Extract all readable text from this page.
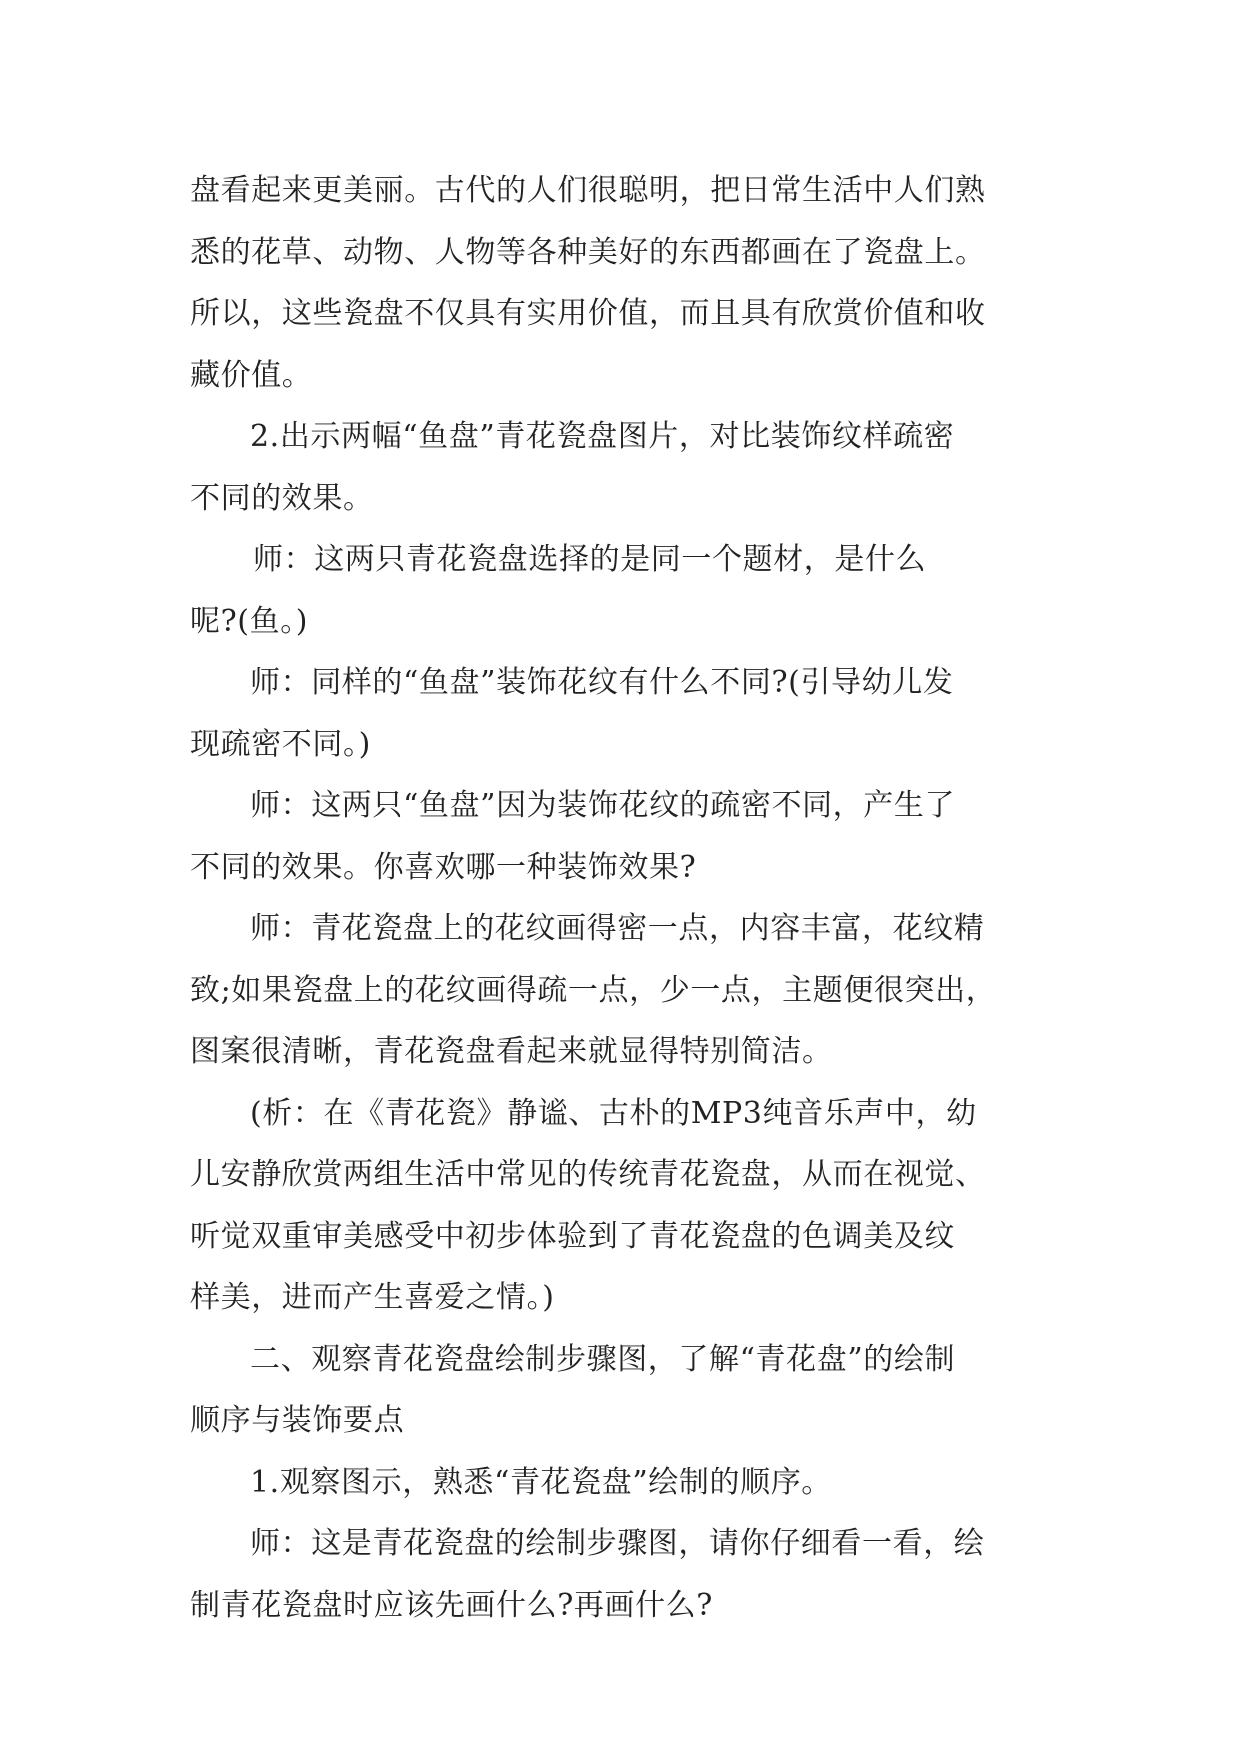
盘看起来更美丽。古代的人们很聪明，把日常生活中人们熟
悉的花草、动物、人物等各种美好的东西都画在了瓷盘上。
所以，这些瓷盘不仅具有实用价值，而且具有欣赏价值和收
藏价值。
2.出示两幅“鱼盘”青花瓷盘图片，对比装饰纹样疏密
不同的效果。
师：这两只青花瓷盘选择的是同一个题材，是什么
呢?(鱼。)
师：同样的“鱼盘”装饰花纹有什么不同?(引导幼儿发
现疏密不同。)
师：这两只“鱼盘”因为装饰花纹的疏密不同，产生了
不同的效果。你喜欢哪一种装饰效果?
师：青花瓷盘上的花纹画得密一点，内容丰富，花纹精
致;如果瓷盘上的花纹画得疏一点，少一点，主题便很突出，
图案很清晰，青花瓷盘看起来就显得特别简洁。
(析：在《青花瓷》静谧、古朴的MP3纯音乐声中，幼
儿安静欣赏两组生活中常见的传统青花瓷盘，从而在视觉、
听觉双重审美感受中初步体验到了青花瓷盘的色调美及纹
样美，进而产生喜爱之情。)
二、观察青花瓷盘绘制步骤图，了解“青花盘”的绘制
顺序与装饰要点
1.观察图示，熟悉“青花瓷盘”绘制的顺序。
师：这是青花瓷盘的绘制步骤图，请你仔细看一看，绘
制青花瓷盘时应该先画什么?再画什么?
